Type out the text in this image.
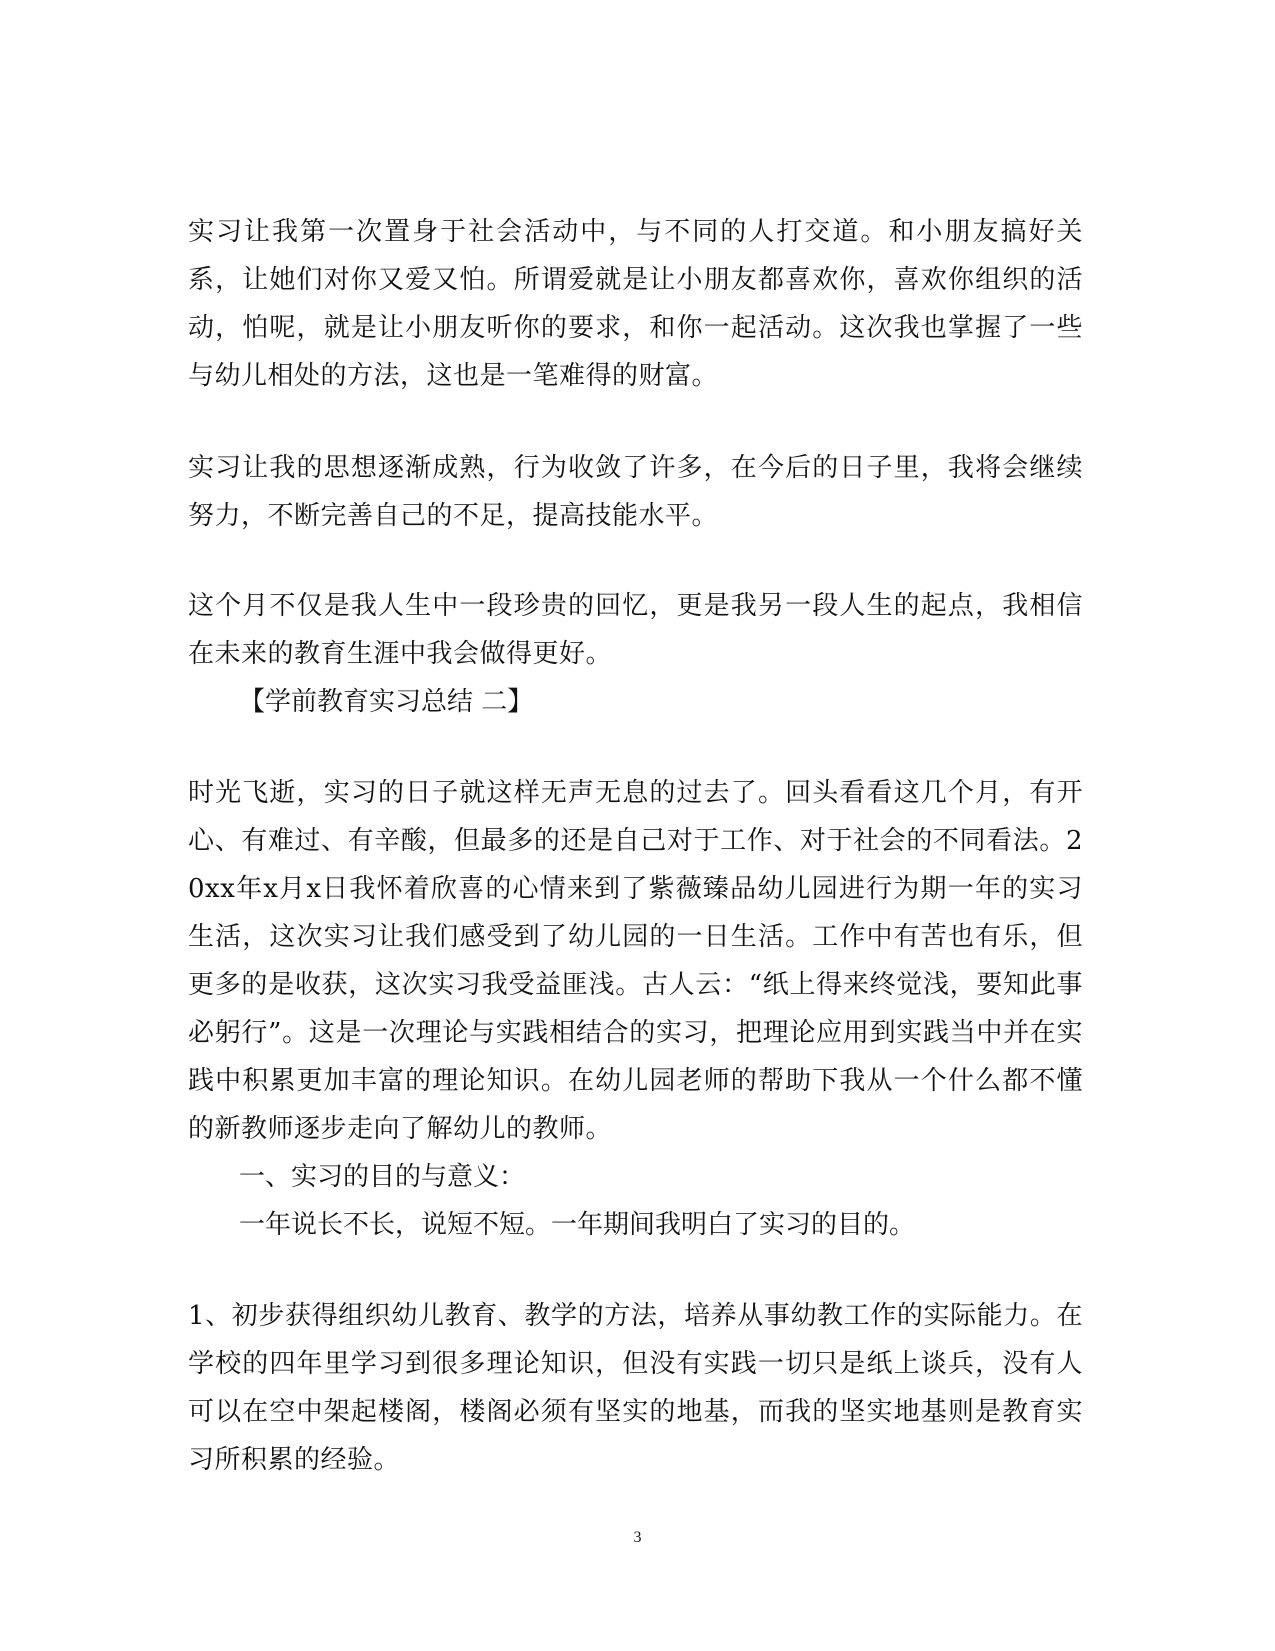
实习让我第一次置身于社会活动中，与不同的人打交道。和小朋友搞好关系，让她们对你又爱又怕。所谓爱就是让小朋友都喜欢你，喜欢你组织的活动，怕呢，就是让小朋友听你的要求，和你一起活动。这次我也掌握了一些与幼儿相处的方法，这也是一笔难得的财富。

实习让我的思想逐渐成熟，行为收敛了许多，在今后的日子里，我将会继续努力，不断完善自己的不足，提高技能水平。

这个月不仅是我人生中一段珍贵的回忆，更是我另一段人生的起点，我相信在未来的教育生涯中我会做得更好。

【学前教育实习总结 二】

时光飞逝，实习的日子就这样无声无息的过去了。回头看看这几个月，有开心、有难过、有辛酸，但最多的还是自己对于工作、对于社会的不同看法。20xx年x月x日我怀着欣喜的心情来到了紫薇臻品幼儿园进行为期一年的实习生活，这次实习让我们感受到了幼儿园的一日生活。工作中有苦也有乐，但更多的是收获，这次实习我受益匪浅。古人云：“纸上得来终觉浅，要知此事必躬行”。这是一次理论与实践相结合的实习，把理论应用到实践当中并在实践中积累更加丰富的理论知识。在幼儿园老师的帮助下我从一个什么都不懂的新教师逐步走向了解幼儿的教师。

一、实习的目的与意义：

一年说长不长，说短不短。一年期间我明白了实习的目的。

1、初步获得组织幼儿教育、教学的方法，培养从事幼教工作的实际能力。在学校的四年里学习到很多理论知识，但没有实践一切只是纸上谈兵，没有人可以在空中架起楼阁，楼阁必须有坚实的地基，而我的坚实地基则是教育实习所积累的经验。

3
